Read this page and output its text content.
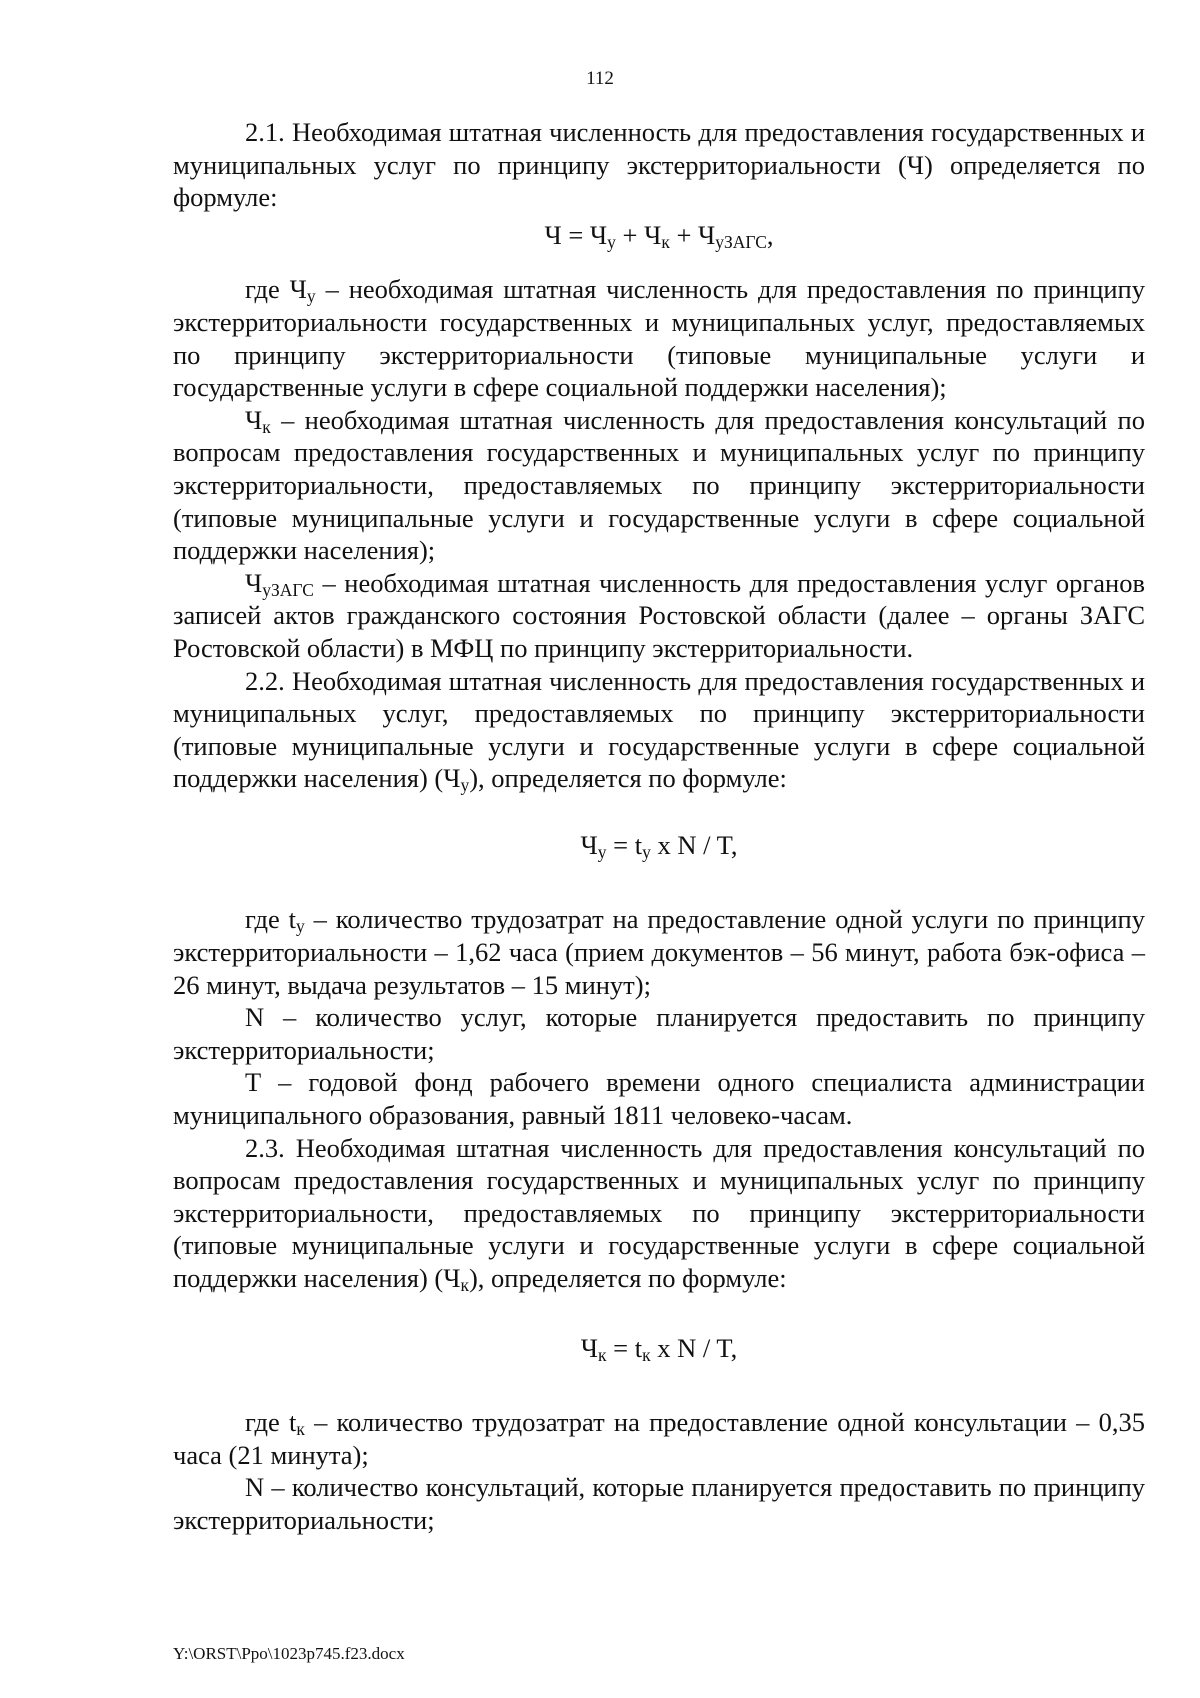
112

2.1. Необходимая штатная численность для предоставления государственных и муниципальных услуг по принципу экстерриториальности (Ч) определяется по формуле:

$Ч = Ч_у + Ч_к + Ч_{уЗАГС}$,

где $Ч_у$ – необходимая штатная численность для предоставления по принципу экстерриториальности государственных и муниципальных услуг, предоставляемых по принципу экстерриториальности (типовые муниципальные услуги и государственные услуги в сфере социальной поддержки населения);

$Ч_к$ – необходимая штатная численность для предоставления консультаций по вопросам предоставления государственных и муниципальных услуг по принципу экстерриториальности, предоставляемых по принципу экстерриториальности (типовые муниципальные услуги и государственные услуги в сфере социальной поддержки населения);

$Ч_{уЗАГС}$ – необходимая штатная численность для предоставления услуг органов записей актов гражданского состояния Ростовской области (далее – органы ЗАГС Ростовской области) в МФЦ по принципу экстерриториальности.

2.2. Необходимая штатная численность для предоставления государственных и муниципальных услуг, предоставляемых по принципу экстерриториальности (типовые муниципальные услуги и государственные услуги в сфере социальной поддержки населения) $(Ч_у)$, определяется по формуле:

$Ч_у = t_у$ x N / T,

где $t_у$ – количество трудозатрат на предоставление одной услуги по принципу экстерриториальности – 1,62 часа (прием документов – 56 минут, работа бэк-офиса – 26 минут, выдача результатов – 15 минут);

N – количество услуг, которые планируется предоставить по принципу экстерриториальности;

Т – годовой фонд рабочего времени одного специалиста администрации муниципального образования, равный 1811 человеко-часам.

2.3. Необходимая штатная численность для предоставления консультаций по вопросам предоставления государственных и муниципальных услуг по принципу экстерриториальности, предоставляемых по принципу экстерриториальности (типовые муниципальные услуги и государственные услуги в сфере социальной поддержки населения) $(Ч_к)$, определяется по формуле:

$Ч_к = t_к$ x N / T,

где $t_к$ – количество трудозатрат на предоставление одной консультации – 0,35 часа (21 минута);

N – количество консультаций, которые планируется предоставить по принципу экстерриториальности;

Y:\ORST\Ppo\1023p745.f23.docx
